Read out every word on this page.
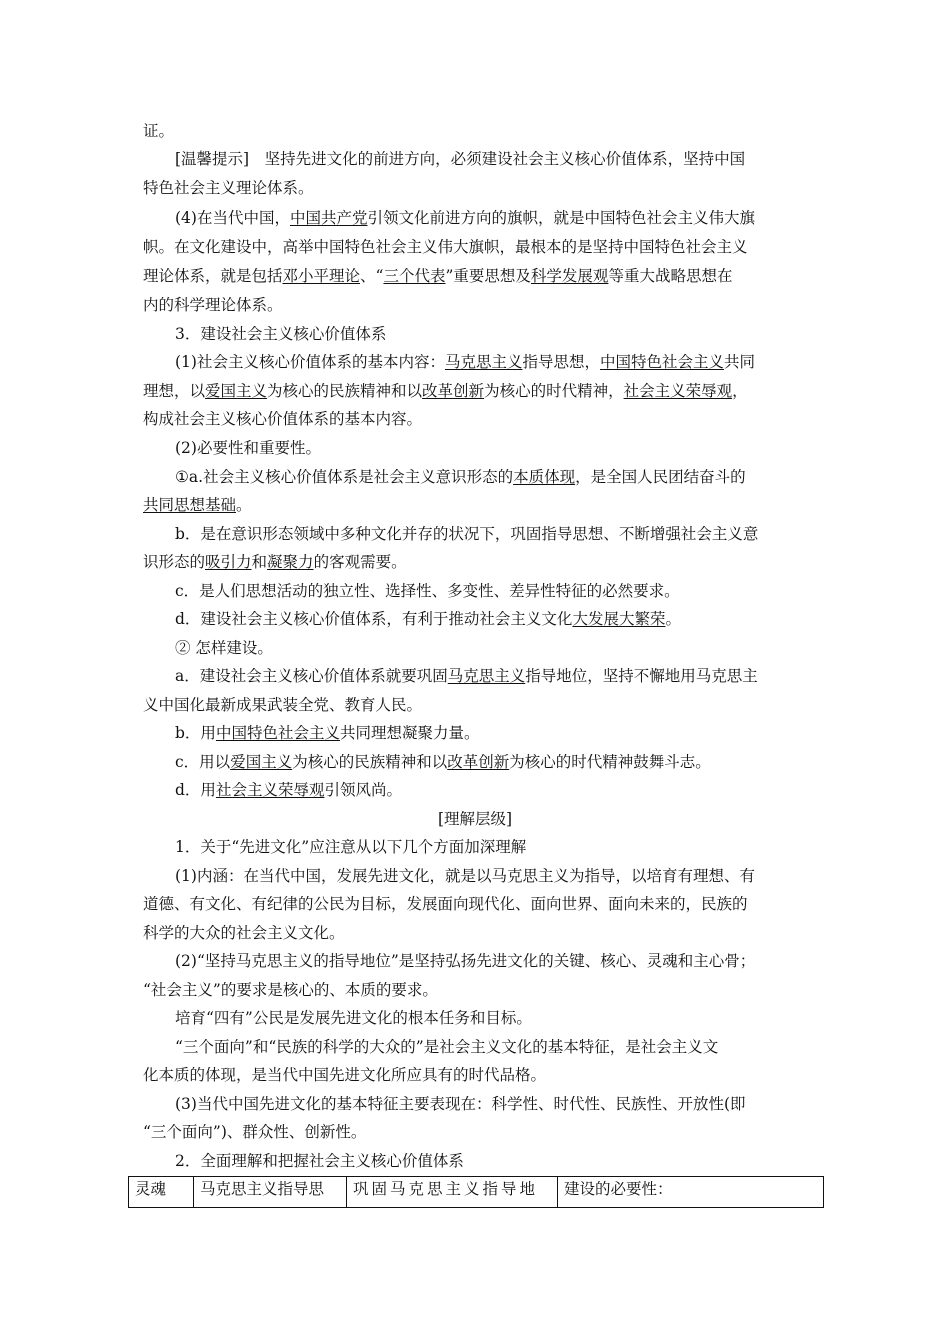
证。
[温馨提示]　坚持先进文化的前进方向，必须建设社会主义核心价值体系，坚持中国
特色社会主义理论体系。
(4)在当代中国，中国共产党引领文化前进方向的旗帜，就是中国特色社会主义伟大旗
帜。在文化建设中，高举中国特色社会主义伟大旗帜，最根本的是坚持中国特色社会主义
理论体系，就是包括邓小平理论、“三个代表”重要思想及科学发展观等重大战略思想在
内的科学理论体系。
3．建设社会主义核心价值体系
(1)社会主义核心价值体系的基本内容：马克思主义指导思想，中国特色社会主义共同
理想，以爱国主义为核心的民族精神和以改革创新为核心的时代精神，社会主义荣辱观，
构成社会主义核心价值体系的基本内容。
(2)必要性和重要性。
①a.社会主义核心价值体系是社会主义意识形态的本质体现，是全国人民团结奋斗的
共同思想基础。
b．是在意识形态领域中多种文化并存的状况下，巩固指导思想、不断增强社会主义意
识形态的吸引力和凝聚力的客观需要。
c．是人们思想活动的独立性、选择性、多变性、差异性特征的必然要求。
d．建设社会主义核心价值体系，有利于推动社会主义文化大发展大繁荣。
② 怎样建设。
a．建设社会主义核心价值体系就要巩固马克思主义指导地位，坚持不懈地用马克思主
义中国化最新成果武装全党、教育人民。
b．用中国特色社会主义共同理想凝聚力量。
c．用以爱国主义为核心的民族精神和以改革创新为核心的时代精神鼓舞斗志。
d．用社会主义荣辱观引领风尚。
[理解层级]
1．关于“先进文化”应注意从以下几个方面加深理解
(1)内涵：在当代中国，发展先进文化，就是以马克思主义为指导，以培育有理想、有
道德、有文化、有纪律的公民为目标，发展面向现代化、面向世界、面向未来的，民族的
科学的大众的社会主义文化。
(2)“坚持马克思主义的指导地位”是坚持弘扬先进文化的关键、核心、灵魂和主心骨；
“社会主义”的要求是核心的、本质的要求。
培育“四有”公民是发展先进文化的根本任务和目标。
“三个面向”和“民族的科学的大众的”是社会主义文化的基本特征，是社会主义文
化本质的体现，是当代中国先进文化所应具有的时代品格。
(3)当代中国先进文化的基本特征主要表现在：科学性、时代性、民族性、开放性(即
“三个面向”)、群众性、创新性。
2．全面理解和把握社会主义核心价值体系
灵魂	马克思主义指导思	巩固马克思主义指导地	建设的必要性：
